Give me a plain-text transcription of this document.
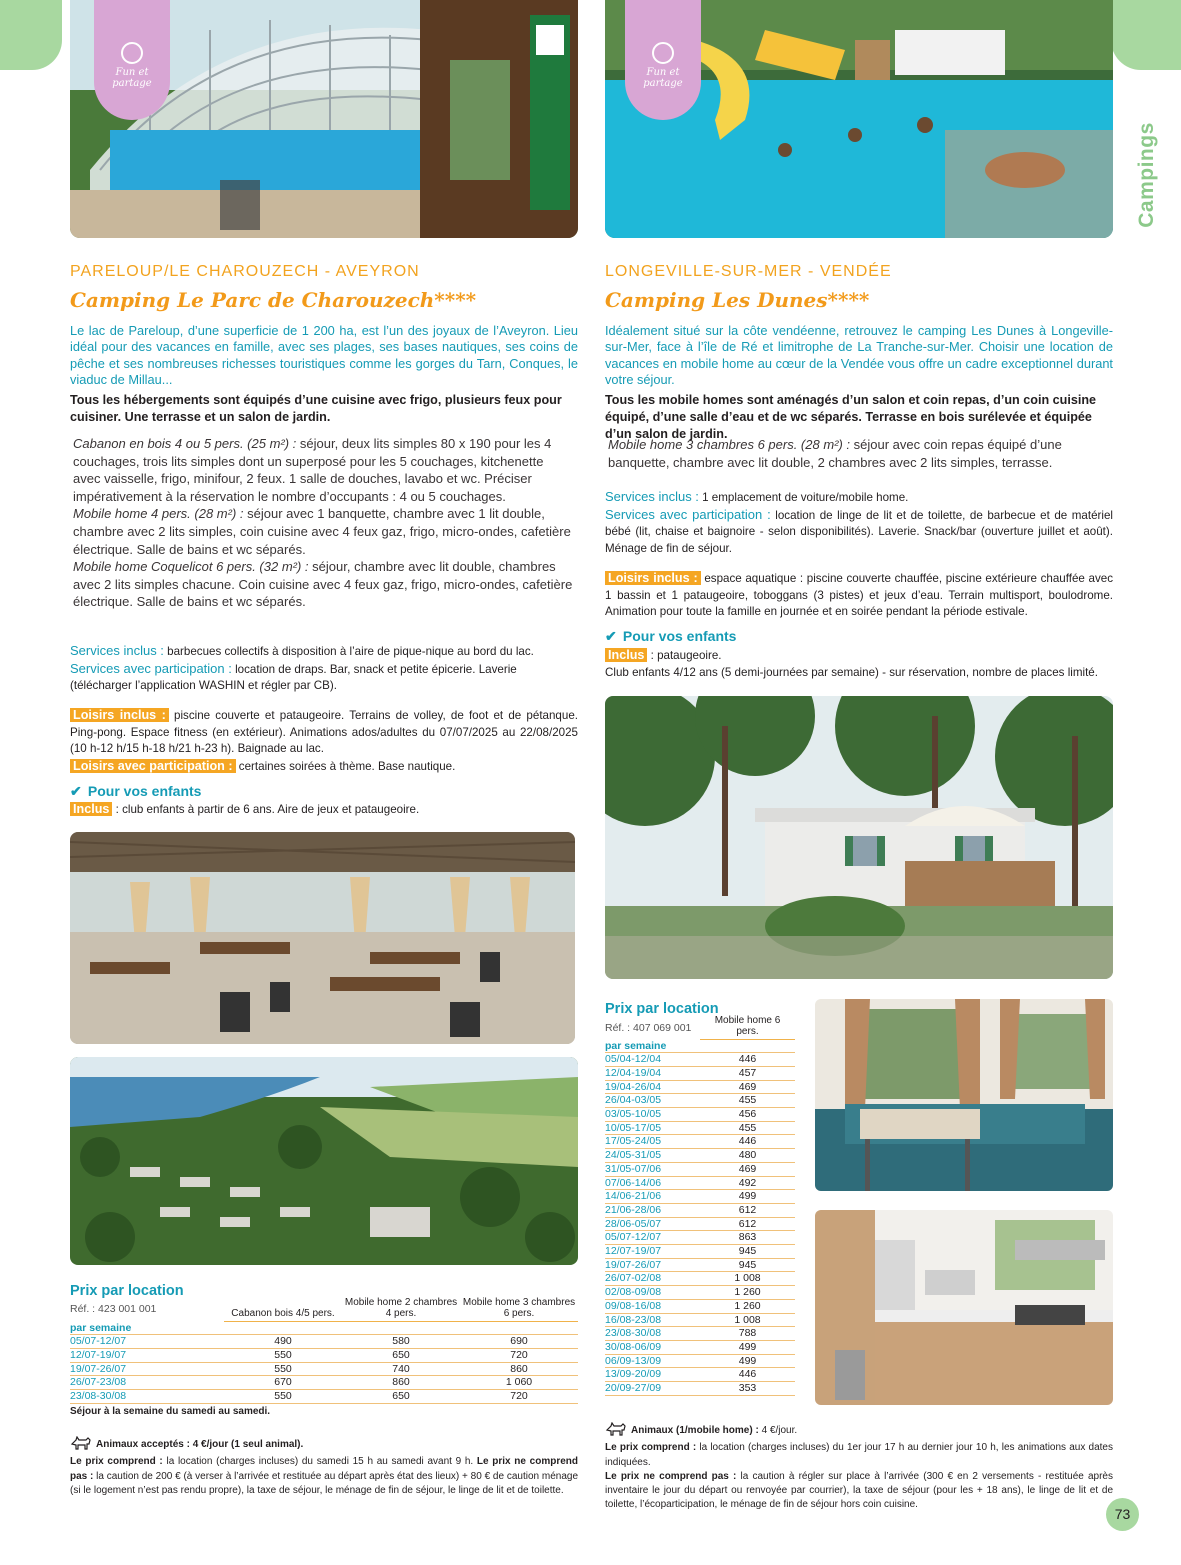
Campings
Fun et
partage
Fun et
partage
PARELOUP/LE CHAROUZECH - AVEYRON
Camping Le Parc de Charouzech****
Le lac de Pareloup, d’une superficie de 1 200 ha, est l’un des joyaux de l’Aveyron. Lieu idéal pour des vacances en famille, avec ses plages, ses bases nautiques, ses coins de pêche et ses nombreuses richesses touristiques comme les gorges du Tarn, Conques, le viaduc de Millau...
Tous les hébergements sont équipés d’une cuisine avec frigo, plusieurs feux pour cuisiner. Une terrasse et un salon de jardin.
Cabanon en bois 4 ou 5 pers. (25 m²) : séjour, deux lits simples 80 x 190 pour les 4 couchages, trois lits simples dont un superposé pour les 5 couchages, kitchenette avec vaisselle, frigo, minifour, 2 feux. 1 salle de douches, lavabo et wc. Préciser impérativement à la réservation le nombre d’occupants : 4 ou 5 couchages.
Mobile home 4 pers. (28 m²) : séjour avec 1 banquette, chambre avec 1 lit double, chambre avec 2 lits simples, coin cuisine avec 4 feux gaz, frigo, micro-ondes, cafetière électrique. Salle de bains et wc séparés.
Mobile home Coquelicot 6 pers. (32 m²) : séjour, chambre avec lit double, chambres avec 2 lits simples chacune. Coin cuisine avec 4 feux gaz, frigo, micro-ondes, cafetière électrique. Salle de bains et wc séparés.
Services inclus : barbecues collectifs à disposition à l’aire de pique-nique au bord du lac.
Services avec participation : location de draps. Bar, snack et petite épicerie. Laverie (télécharger l’application WASHIN et régler par CB).
Loisirs inclus : piscine couverte et pataugeoire. Terrains de volley, de foot et de pétanque. Ping-pong. Espace fitness (en extérieur). Animations ados/adultes du 07/07/2025 au 22/08/2025 (10 h-12 h/15 h-18 h/21 h-23 h). Baignade au lac.
Loisirs avec participation : certaines soirées à thème. Base nautique.
✔ Pour vos enfants
Inclus : club enfants à partir de 6 ans. Aire de jeux et pataugeoire.
Prix par location
Réf. : 423 001 001
		Cabanon bois 4/5 pers.	Mobile home 2 chambres 4 pers.	Mobile home 3 chambres 6 pers.
par semaine			
05/07-12/07	490	580	690
12/07-19/07	550	650	720
19/07-26/07	550	740	860
26/07-23/08	670	860	1 060
23/08-30/08	550	650	720
Séjour à la semaine du samedi au samedi.
Animaux acceptés : 4 €/jour (1 seul animal).
Le prix comprend : la location (charges incluses) du samedi 15 h au samedi avant 9 h. Le prix ne comprend pas : la caution de 200 € (à verser à l’arrivée et restituée au départ après état des lieux) + 80 € de caution ménage (si le logement n’est pas rendu propre), la taxe de séjour, le ménage de fin de séjour, le linge de lit et de toilette.
LONGEVILLE-SUR-MER - VENDÉE
Camping Les Dunes****
Idéalement situé sur la côte vendéenne, retrouvez le camping Les Dunes à Longeville-sur-Mer, face à l’île de Ré et limitrophe de La Tranche-sur-Mer. Choisir une location de vacances en mobile home au cœur de la Vendée vous offre un cadre exceptionnel durant votre séjour.
Tous les mobile homes sont aménagés d’un salon et coin repas, d’un coin cuisine équipé, d’une salle d’eau et de wc séparés. Terrasse en bois surélevée et équipée d’un salon de jardin.
Mobile home 3 chambres 6 pers. (28 m²) : séjour avec coin repas équipé d’une banquette, chambre avec lit double, 2 chambres avec 2 lits simples, terrasse.
Services inclus : 1 emplacement de voiture/mobile home.
Services avec participation : location de linge de lit et de toilette, de barbecue et de matériel bébé (lit, chaise et baignoire - selon disponibilités). Laverie. Snack/bar (ouverture juillet et août). Ménage de fin de séjour.
Loisirs inclus : espace aquatique : piscine couverte chauffée, piscine extérieure chauffée avec 1 bassin et 1 pataugeoire, toboggans (3 pistes) et jeux d’eau. Terrain multisport, boulodrome. Animation pour toute la famille en journée et en soirée pendant la période estivale.
✔ Pour vos enfants
Inclus : pataugeoire.
Club enfants 4/12 ans (5 demi-journées par semaine) - sur réservation, nombre de places limité.
Prix par location
Réf. : 407 069 001
	Mobile home 6 pers.
par semaine	
05/04-12/04	446
12/04-19/04	457
19/04-26/04	469
26/04-03/05	455
03/05-10/05	456
10/05-17/05	455
17/05-24/05	446
24/05-31/05	480
31/05-07/06	469
07/06-14/06	492
14/06-21/06	499
21/06-28/06	612
28/06-05/07	612
05/07-12/07	863
12/07-19/07	945
19/07-26/07	945
26/07-02/08	1 008
02/08-09/08	1 260
09/08-16/08	1 260
16/08-23/08	1 008
23/08-30/08	788
30/08-06/09	499
06/09-13/09	499
13/09-20/09	446
20/09-27/09	353
Animaux (1/mobile home) : 4 €/jour.
Le prix comprend : la location (charges incluses) du 1er jour 17 h au dernier jour 10 h, les animations aux dates indiquées.
Le prix ne comprend pas : la caution à régler sur place à l’arrivée (300 € en 2 versements - restituée après inventaire le jour du départ ou renvoyée par courrier), la taxe de séjour (pour les + 18 ans), le linge de lit et de toilette, l’écoparticipation, le ménage de fin de séjour hors coin cuisine.
73
